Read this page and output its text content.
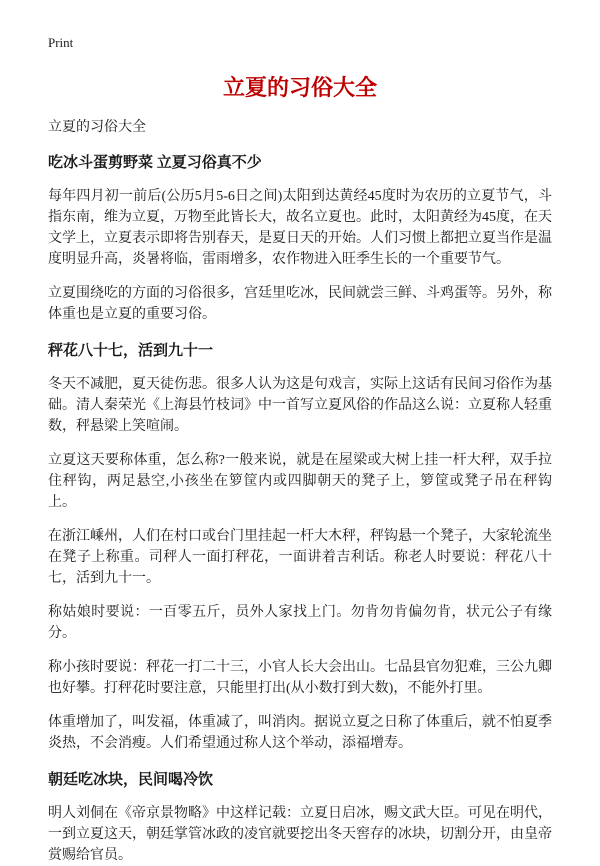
Print
立夏的习俗大全
立夏的习俗大全
吃冰斗蛋剪野菜 立夏习俗真不少

每年四月初一前后(公历5月5-6日之间)太阳到达黄经45度时为农历的立夏节气，斗指东南，维为立夏，万物至此皆长大，故名立夏也。此时，太阳黄经为45度，在天文学上，立夏表示即将告别春天，是夏日天的开始。人们习惯上都把立夏当作是温度明显升高，炎暑将临，雷雨增多，农作物进入旺季生长的一个重要节气。

立夏围绕吃的方面的习俗很多，宫廷里吃冰，民间就尝三鲜、斗鸡蛋等。另外，称体重也是立夏的重要习俗。

秤花八十七，活到九十一

冬天不减肥，夏天徒伤悲。很多人认为这是句戏言，实际上这话有民间习俗作为基础。清人秦荣光《上海县竹枝词》中一首写立夏风俗的作品这么说：立夏称人轻重数，秤悬梁上笑喧闹。

立夏这天要称体重，怎么称?一般来说，就是在屋梁或大树上挂一杆大秤，双手拉住秤钩，两足悬空,小孩坐在箩筐内或四脚朝天的凳子上，箩筐或凳子吊在秤钩上。

在浙江嵊州，人们在村口或台门里挂起一杆大木秤，秤钩悬一个凳子，大家轮流坐在凳子上称重。司秤人一面打秤花，一面讲着吉利话。称老人时要说：秤花八十七，活到九十一。

称姑娘时要说：一百零五斤，员外人家找上门。勿肯勿肯偏勿肯，状元公子有缘分。

称小孩时要说：秤花一打二十三，小官人长大会出山。七品县官勿犯难，三公九卿也好攀。打秤花时要注意，只能里打出(从小数打到大数)，不能外打里。

体重增加了，叫发福，体重减了，叫消肉。据说立夏之日称了体重后，就不怕夏季炎热，不会消瘦。人们希望通过称人这个举动，添福增寿。

朝廷吃冰块，民间喝冷饮

明人刘侗在《帝京景物略》中这样记载：立夏日启冰，赐文武大臣。可见在明代，一到立夏这天，朝廷掌管冰政的凌官就要挖出冬天窖存的冰块，切割分开，由皇帝赏赐给官员。
